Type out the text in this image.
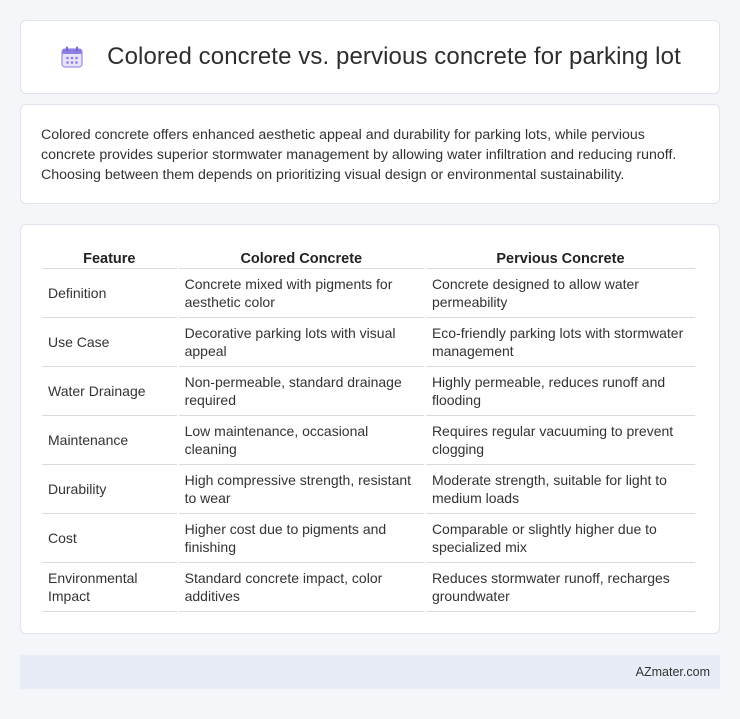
Colored concrete vs. pervious concrete for parking lot

Colored concrete offers enhanced aesthetic appeal and durability for parking lots, while pervious concrete provides superior stormwater management by allowing water infiltration and reducing runoff. Choosing between them depends on prioritizing visual design or environmental sustainability.

Feature	Colored Concrete	Pervious Concrete
Definition	Concrete mixed with pigments for aesthetic color	Concrete designed to allow water permeability
Use Case	Decorative parking lots with visual appeal	Eco-friendly parking lots with stormwater management
Water Drainage	Non-permeable, standard drainage required	Highly permeable, reduces runoff and flooding
Maintenance	Low maintenance, occasional cleaning	Requires regular vacuuming to prevent clogging
Durability	High compressive strength, resistant to wear	Moderate strength, suitable for light to medium loads
Cost	Higher cost due to pigments and finishing	Comparable or slightly higher due to specialized mix
Environmental Impact	Standard concrete impact, color additives	Reduces stormwater runoff, recharges groundwater
AZmater.com
